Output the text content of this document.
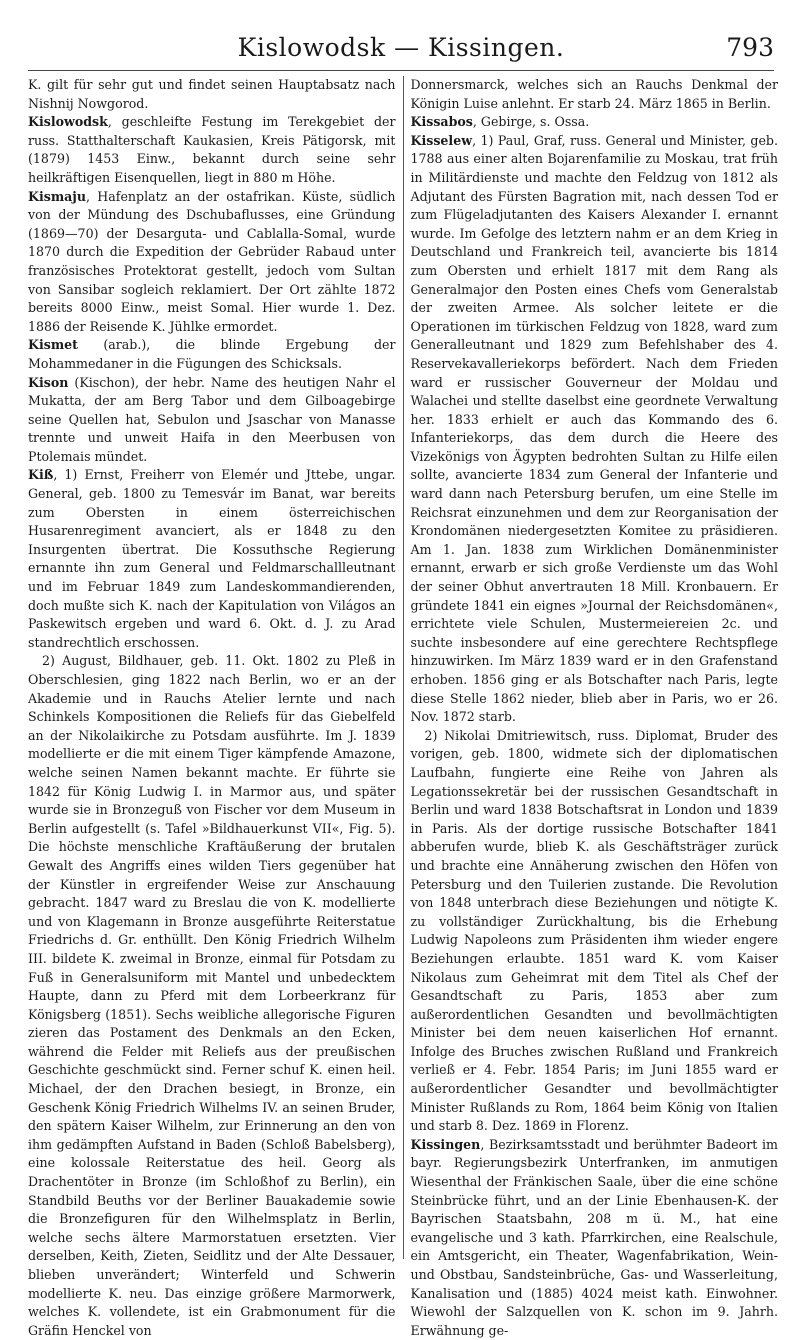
Kislowodsk — Kissingen.	793

K. gilt für sehr gut und findet seinen Hauptabsatz nach Nishnij Nowgorod.

Kislowodsk, geschleifte Festung im Terekgebiet der russ. Statthalterschaft Kaukasien, Kreis Pätigorsk, mit (1879) 1453 Einw., bekannt durch seine sehr heilkräftigen Eisenquellen, liegt in 880 m Höhe.

Kismaju, Hafenplatz an der ostafrikan. Küste, südlich von der Mündung des Dschubaflusses, eine Gründung (1869—70) der Desarguta- und Cablalla-Somal, wurde 1870 durch die Expedition der Gebrüder Rabaud unter französisches Protektorat gestellt, jedoch vom Sultan von Sansibar sogleich reklamiert. Der Ort zählte 1872 bereits 8000 Einw., meist Somal. Hier wurde 1. Dez. 1886 der Reisende K. Jühlke ermordet.

Kismet (arab.), die blinde Ergebung der Mohammedaner in die Fügungen des Schicksals.

Kison (Kischon), der hebr. Name des heutigen Nahr el Mukatta, der am Berg Tabor und dem Gilboagebirge seine Quellen hat, Sebulon und Jsaschar von Manasse trennte und unweit Haifa in den Meerbusen von Ptolemais mündet.

Kiß, 1) Ernst, Freiherr von Elemér und Jttebe, ungar. General, geb. 1800 zu Temesvár im Banat, war bereits zum Obersten in einem österreichischen Husarenregiment avanciert, als er 1848 zu den Insurgenten übertrat. Die Kossuthsche Regierung ernannte ihn zum General und Feldmarschallleutnant und im Februar 1849 zum Landeskommandierenden, doch mußte sich K. nach der Kapitulation von Világos an Paskewitsch ergeben und ward 6. Okt. d. J. zu Arad standrechtlich erschossen.

2) August, Bildhauer, geb. 11. Okt. 1802 zu Pleß in Oberschlesien, ging 1822 nach Berlin, wo er an der Akademie und in Rauchs Atelier lernte und nach Schinkels Kompositionen die Reliefs für das Giebelfeld an der Nikolaikirche zu Potsdam ausführte. Im J. 1839 modellierte er die mit einem Tiger kämpfende Amazone, welche seinen Namen bekannt machte. Er führte sie 1842 für König Ludwig I. in Marmor aus, und später wurde sie in Bronzeguß von Fischer vor dem Museum in Berlin aufgestellt (s. Tafel »Bildhauerkunst VII«, Fig. 5). Die höchste menschliche Kraftäußerung der brutalen Gewalt des Angriffs eines wilden Tiers gegenüber hat der Künstler in ergreifender Weise zur Anschauung gebracht. 1847 ward zu Breslau die von K. modellierte und von Klagemann in Bronze ausgeführte Reiterstatue Friedrichs d. Gr. enthüllt. Den König Friedrich Wilhelm III. bildete K. zweimal in Bronze, einmal für Potsdam zu Fuß in Generalsuniform mit Mantel und unbedecktem Haupte, dann zu Pferd mit dem Lorbeerkranz für Königsberg (1851). Sechs weibliche allegorische Figuren zieren das Postament des Denkmals an den Ecken, während die Felder mit Reliefs aus der preußischen Geschichte geschmückt sind. Ferner schuf K. einen heil. Michael, der den Drachen besiegt, in Bronze, ein Geschenk König Friedrich Wilhelms IV. an seinen Bruder, den spätern Kaiser Wilhelm, zur Erinnerung an den von ihm gedämpften Aufstand in Baden (Schloß Babelsberg), eine kolossale Reiterstatue des heil. Georg als Drachentöter in Bronze (im Schloßhof zu Berlin), ein Standbild Beuths vor der Berliner Bauakademie sowie die Bronzefiguren für den Wilhelmsplatz in Berlin, welche sechs ältere Marmorstatuen ersetzten. Vier derselben, Keith, Zieten, Seidlitz und der Alte Dessauer, blieben unverändert; Winterfeld und Schwerin modellierte K. neu. Das einzige größere Marmorwerk, welches K. vollendete, ist ein Grabmonument für die Gräfin Henckel von

Donnersmarck, welches sich an Rauchs Denkmal der Königin Luise anlehnt. Er starb 24. März 1865 in Berlin.

Kissabos, Gebirge, s. Ossa.

Kisselew, 1) Paul, Graf, russ. General und Minister, geb. 1788 aus einer alten Bojarenfamilie zu Moskau, trat früh in Militärdienste und machte den Feldzug von 1812 als Adjutant des Fürsten Bagration mit, nach dessen Tod er zum Flügeladjutanten des Kaisers Alexander I. ernannt wurde. Im Gefolge des letztern nahm er an dem Krieg in Deutschland und Frankreich teil, avancierte bis 1814 zum Obersten und erhielt 1817 mit dem Rang als Generalmajor den Posten eines Chefs vom Generalstab der zweiten Armee. Als solcher leitete er die Operationen im türkischen Feldzug von 1828, ward zum Generalleutnant und 1829 zum Befehlshaber des 4. Reservekavalleriekorps befördert. Nach dem Frieden ward er russischer Gouverneur der Moldau und Walachei und stellte daselbst eine geordnete Verwaltung her. 1833 erhielt er auch das Kommando des 6. Infanteriekorps, das dem durch die Heere des Vizekönigs von Ägypten bedrohten Sultan zu Hilfe eilen sollte, avancierte 1834 zum General der Infanterie und ward dann nach Petersburg berufen, um eine Stelle im Reichsrat einzunehmen und dem zur Reorganisation der Krondomänen niedergesetzten Komitee zu präsidieren. Am 1. Jan. 1838 zum Wirklichen Domänenminister ernannt, erwarb er sich große Verdienste um das Wohl der seiner Obhut anvertrauten 18 Mill. Kronbauern. Er gründete 1841 ein eignes »Journal der Reichsdomänen«, errichtete viele Schulen, Mustermeiereien 2c. und suchte insbesondere auf eine gerechtere Rechtspflege hinzuwirken. Im März 1839 ward er in den Grafenstand erhoben. 1856 ging er als Botschafter nach Paris, legte diese Stelle 1862 nieder, blieb aber in Paris, wo er 26. Nov. 1872 starb.

2) Nikolai Dmitriewitsch, russ. Diplomat, Bruder des vorigen, geb. 1800, widmete sich der diplomatischen Laufbahn, fungierte eine Reihe von Jahren als Legationssekretär bei der russischen Gesandtschaft in Berlin und ward 1838 Botschaftsrat in London und 1839 in Paris. Als der dortige russische Botschafter 1841 abberufen wurde, blieb K. als Geschäftsträger zurück und brachte eine Annäherung zwischen den Höfen von Petersburg und den Tuilerien zustande. Die Revolution von 1848 unterbrach diese Beziehungen und nötigte K. zu vollständiger Zurückhaltung, bis die Erhebung Ludwig Napoleons zum Präsidenten ihm wieder engere Beziehungen erlaubte. 1851 ward K. vom Kaiser Nikolaus zum Geheimrat mit dem Titel als Chef der Gesandtschaft zu Paris, 1853 aber zum außerordentlichen Gesandten und bevollmächtigten Minister bei dem neuen kaiserlichen Hof ernannt. Infolge des Bruches zwischen Rußland und Frankreich verließ er 4. Febr. 1854 Paris; im Juni 1855 ward er außerordentlicher Gesandter und bevollmächtigter Minister Rußlands zu Rom, 1864 beim König von Italien und starb 8. Dez. 1869 in Florenz.

Kissingen, Bezirksamtsstadt und berühmter Badeort im bayr. Regierungsbezirk Unterfranken, im anmutigen Wiesenthal der Fränkischen Saale, über die eine schöne Steinbrücke führt, und an der Linie Ebenhausen-K. der Bayrischen Staatsbahn, 208 m ü. M., hat eine evangelische und 3 kath. Pfarrkirchen, eine Realschule, ein Amtsgericht, ein Theater, Wagenfabrikation, Wein- und Obstbau, Sandsteinbrüche, Gas- und Wasserleitung, Kanalisation und (1885) 4024 meist kath. Einwohner. Wiewohl der Salzquellen von K. schon im 9. Jahrh. Erwähnung ge-
